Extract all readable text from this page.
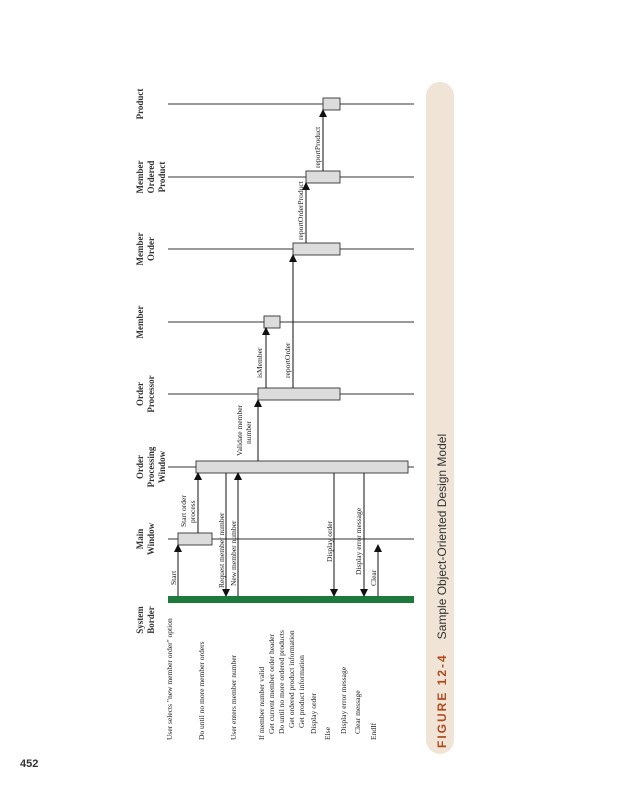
452
FIGURE 12-4 Sample Object-Oriented Design Model
Start
Start order process
Request member number New member number
Validate member number
isMember	reportOrder
reportOrderProduct
reportProduct
Display order	Display error message
Clear
System Border
Main Window
Order Processing Window
Order Processor
Member
Member Order
Member Ordered Product
Product
User selects "new member order" option	Do until no more member orders	User enters member number	If member number valid Get current member order header Do until no more ordered products Get ordered product information Get product information Display order Else Display error message Clear message EndIf
